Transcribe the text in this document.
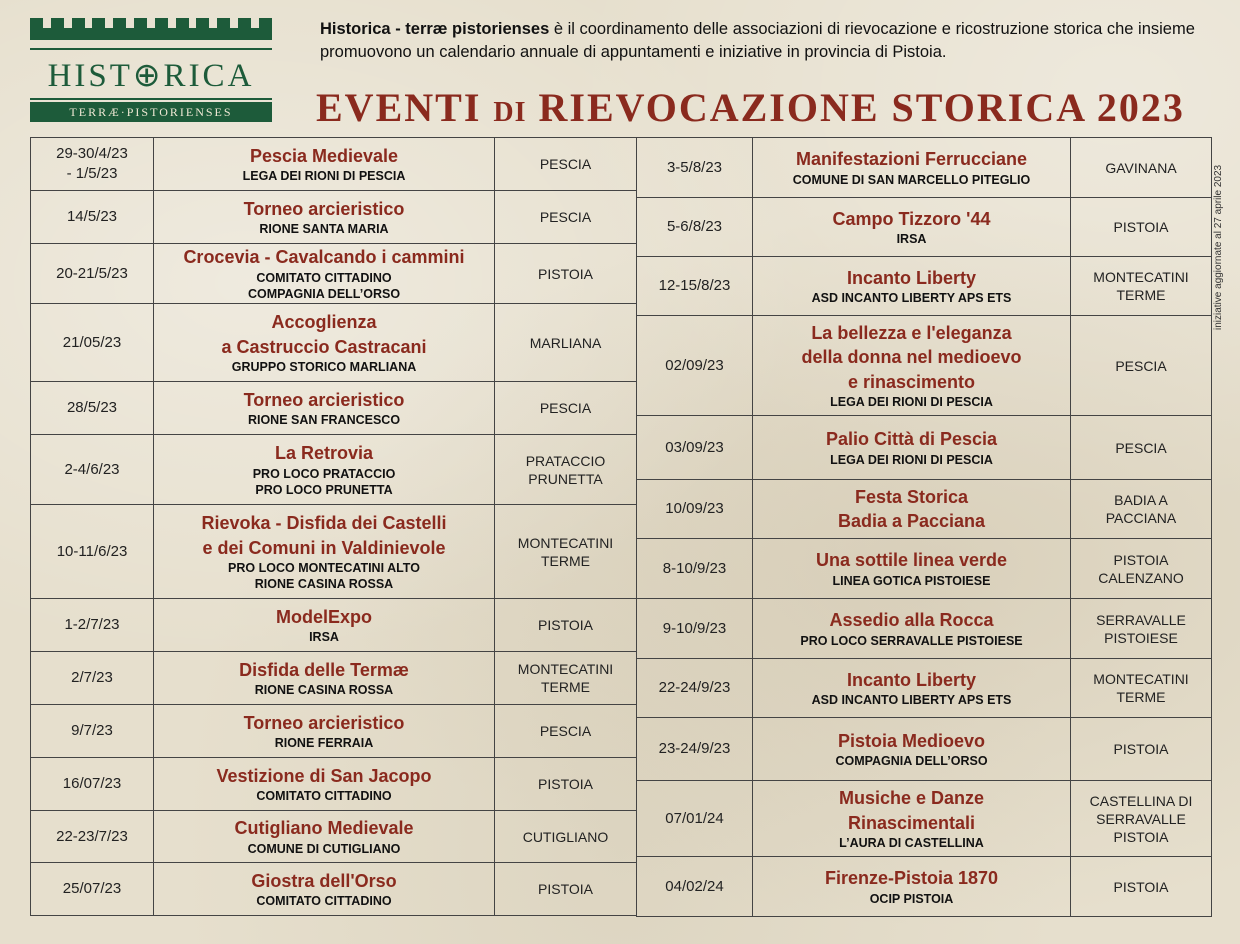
HIST⊕RICA
TERRÆ·PISTORIENSES

Historica - terræ pistorienses è il coordinamento delle associazioni di rievocazione e ricostruzione storica che insieme promuovono un calendario annuale di appuntamenti e iniziative in provincia di Pistoia.

EVENTI DI RIEVOCAZIONE STORICA 2023
iniziative aggiornate al 27 aprile 2023
29-30/4/23
- 1/5/23	Pescia Medievale
LEGA DEI RIONI DI PESCIA	PESCIA
14/5/23	Torneo arcieristico
RIONE SANTA MARIA	PESCIA
20-21/5/23	Crocevia - Cavalcando i cammini
COMITATO CITTADINO
COMPAGNIA DELL’ORSO	PISTOIA
21/05/23	Accoglienza
a Castruccio Castracani
GRUPPO STORICO MARLIANA	MARLIANA
28/5/23	Torneo arcieristico
RIONE SAN FRANCESCO	PESCIA
2-4/6/23	La Retrovia
PRO LOCO PRATACCIO
PRO LOCO PRUNETTA	PRATACCIO
PRUNETTA
10-11/6/23	Rievoka - Disfida dei Castelli
e dei Comuni in Valdinievole
PRO LOCO MONTECATINI ALTO
RIONE CASINA ROSSA	MONTECATINI
TERME
1-2/7/23	ModelExpo
IRSA	PISTOIA
2/7/23	Disfida delle Termæ
RIONE CASINA ROSSA	MONTECATINI
TERME
9/7/23	Torneo arcieristico
RIONE FERRAIA	PESCIA
16/07/23	Vestizione di San Jacopo
COMITATO CITTADINO	PISTOIA
22-23/7/23	Cutigliano Medievale
COMUNE DI CUTIGLIANO	CUTIGLIANO
25/07/23	Giostra dell'Orso
COMITATO CITTADINO	PISTOIA
3-5/8/23	Manifestazioni Ferrucciane
COMUNE DI SAN MARCELLO PITEGLIO	GAVINANA
5-6/8/23	Campo Tizzoro '44
IRSA	PISTOIA
12-15/8/23	Incanto Liberty
ASD INCANTO LIBERTY APS ETS	MONTECATINI
TERME
02/09/23	La bellezza e l'eleganza
della donna nel medioevo
e rinascimento
LEGA DEI RIONI DI PESCIA	PESCIA
03/09/23	Palio Città di Pescia
LEGA DEI RIONI DI PESCIA	PESCIA
10/09/23	Festa Storica
Badia a Pacciana	BADIA A
PACCIANA
8-10/9/23	Una sottile linea verde
LINEA GOTICA PISTOIESE	PISTOIA
CALENZANO
9-10/9/23	Assedio alla Rocca
PRO LOCO SERRAVALLE PISTOIESE	SERRAVALLE
PISTOIESE
22-24/9/23	Incanto Liberty
ASD INCANTO LIBERTY APS ETS	MONTECATINI
TERME
23-24/9/23	Pistoia Medioevo
COMPAGNIA DELL’ORSO	PISTOIA
07/01/24	Musiche e Danze
Rinascimentali
L’AURA DI CASTELLINA	CASTELLINA DI
SERRAVALLE
PISTOIA
04/02/24	Firenze-Pistoia 1870
OCIP PISTOIA	PISTOIA
